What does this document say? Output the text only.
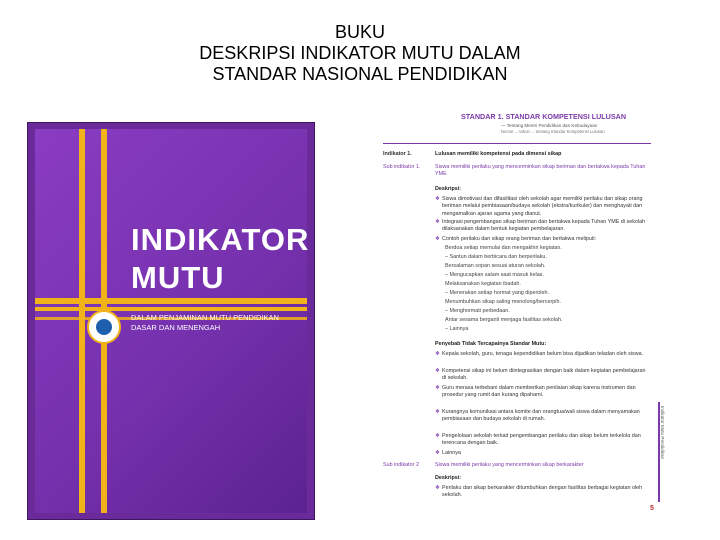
BUKU
DESKRIPSI INDIKATOR MUTU DALAM
STANDAR NASIONAL PENDIDIKAN
INDIKATOR
MUTU
DALAM PENJAMINAN MUTU PENDIDIKAN
DASAR DAN MENENGAH
STANDAR 1. STANDAR KOMPETENSI LULUSAN
— Tentang Mentri Pendidikan dan Kebudayaan
Nomor ... tahun ... tentang Standar Kompetensi Lulusan
Indikator 1.	Lulusan memiliki kompetensi pada dimensi sikap
Sub indikator 1.	Siswa memiliki perilaku yang mencerminkan sikap beriman dan bertakwa kepada Tuhan YME
Deskripsi:
❖ Siswa dimotivasi dan difasilitasi oleh sekolah agar memiliki perilaku dan sikap orang beriman melalui pembiasaan/budaya sekolah (ekstra/kurikuler) dan menghayati dan mengamalkan ajaran agama yang dianut.
❖ Integrasi pengembangan sikap beriman dan bertakwa kepada Tuhan YME di sekolah dilaksanakan dalam bentuk kegiatan pembelajaran.
❖ Contoh perilaku dan sikap orang beriman dan bertakwa meliputi:
Berdoa setiap memulai dan mengakhiri kegiatan.
– Santun dalam berbicara dan berperilaku.
Bersalaman sopan sesuai aturan sekolah.
– Mengucapkan salam saat masuk kelas.
Melaksanakan kegiatan ibadah.
– Menerakan setiap hormat yang diperoleh.
Menumbuhkan sikap saling menolong/bercerpih.
– Menghormati perbedaan.
Antar sesama berganti menjaga fasilitas sekolah.
– Lainnya
Penyebab Tidak Tercapainya Standar Mutu:
❖ Kepala sekolah, guru, tenaga kependidikan belum bisa dijadikan teladan oleh siswa.
❖ Kompetensi sikap ini belum diintegrasikan dengan baik dalam kegiatan pembelajaran di sekolah.
❖ Guru merasa terbebani dalam memberikan penilaian sikap karena instrumen dan prosedur yang rumit dan kurang dipahami.
❖ Kurangnya komunikasi antara komite dan orangtua/wali siswa dalam menyamakan pembiasaan dan budaya sekolah di rumah.
❖ Pengelolaan sekolah terkait pengembangan perilaku dan sikap belum terkelola dan terencana dengan baik.
❖ Lainnya
Sub indikator 2	Siswa memiliki perilaku yang mencerminkan sikap berkarakter
Deskripsi:
❖ Perilaku dan sikap berkarakter ditumbuhkan dengan fasilitas berbagai kegiatan oleh sekolah.
Indikator Mutu Pendidikan
5
